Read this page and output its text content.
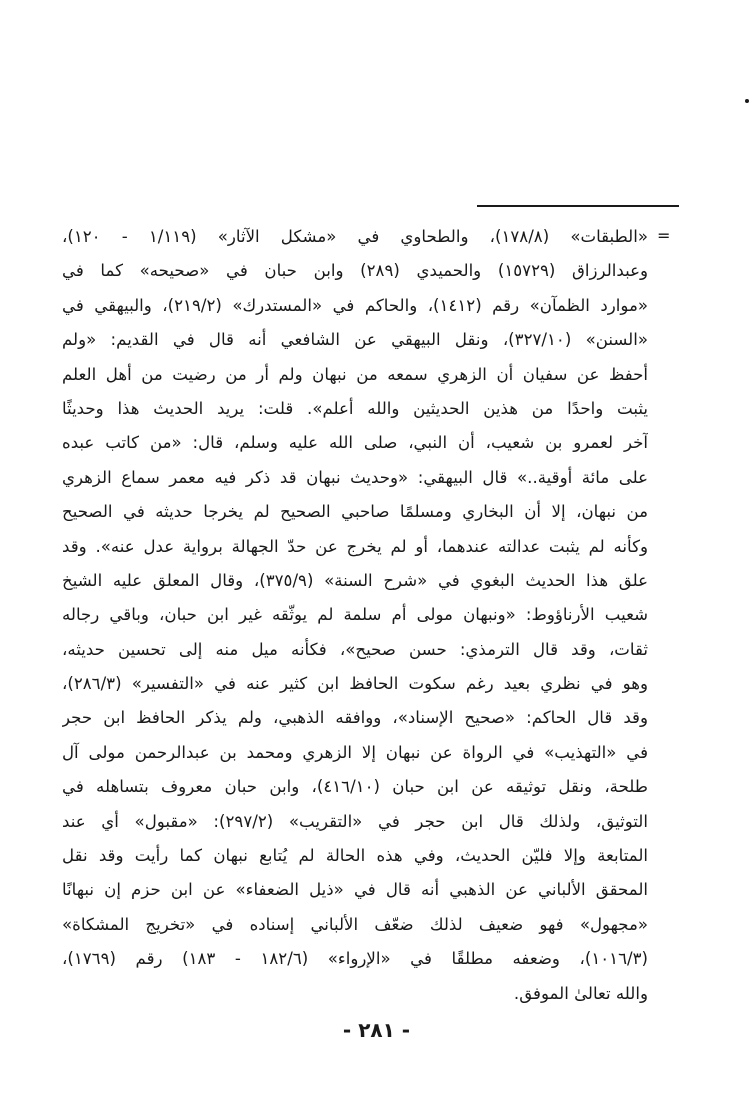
=
«الطبقات» (١٧٨/٨)، والطحاوي في «مشكل الآثار» (١/١١٩ - ١٢٠)،
وعبدالرزاق (١٥٧٢٩) والحميدي (٢٨٩) وابن حبان في «صحيحه» كما في
«موارد الظمآن» رقم (١٤١٢)، والحاكم في «المستدرك» (٢١٩/٢)، والبيهقي في
«السنن» (٣٢٧/١٠)، ونقل البيهقي عن الشافعي أنه قال في القديم: «ولم
أحفظ عن سفيان أن الزهري سمعه من نبهان ولم أر من رضيت من أهل العلم
يثبت واحدًا من هذين الحديثين والله أعلم». قلت: يريد الحديث هذا وحديثًا
آخر لعمرو بن شعيب، أن النبي، صلى الله عليه وسلم، قال: «من كاتب عبده
على مائة أوقية..» قال البيهقي: «وحديث نبهان قد ذكر فيه معمر سماع الزهري
من نبهان، إلا أن البخاري ومسلمًا صاحبي الصحيح لم يخرجا حديثه في الصحيح
وكأنه لم يثبت عدالته عندهما، أو لم يخرج عن حدّ الجهالة برواية عدل عنه». وقد
علق هذا الحديث البغوي في «شرح السنة» (٣٧٥/٩)، وقال المعلق عليه الشيخ
شعيب الأرناؤوط: «ونبهان مولى أم سلمة لم يوثّقه غير ابن حبان، وباقي رجاله
ثقات، وقد قال الترمذي: حسن صحيح»، فكأنه ميل منه إلى تحسين حديثه،
وهو في نظري بعيد رغم سكوت الحافظ ابن كثير عنه في «التفسير» (٢٨٦/٣)،
وقد قال الحاكم: «صحيح الإسناد»، ووافقه الذهبي، ولم يذكر الحافظ ابن حجر
في «التهذيب» في الرواة عن نبهان إلا الزهري ومحمد بن عبدالرحمن مولى آل
طلحة، ونقل توثيقه عن ابن حبان (٤١٦/١٠)، وابن حبان معروف بتساهله في
التوثيق، ولذلك قال ابن حجر في «التقريب» (٢٩٧/٢): «مقبول» أي عند
المتابعة وإلا فليّن الحديث، وفي هذه الحالة لم يُتابع نبهان كما رأيت وقد نقل
المحقق الألباني عن الذهبي أنه قال في «ذيل الضعفاء» عن ابن حزم إن نبهانًا
«مجهول» فهو ضعيف لذلك ضعّف الألباني إسناده في «تخريج المشكاة»
(١٠١٦/٣)، وضعفه مطلقًا في «الإرواء» (١٨٢/٦ - ١٨٣) رقم (١٧٦٩)،
والله تعالىٰ الموفق.
- ٢٨١ -
